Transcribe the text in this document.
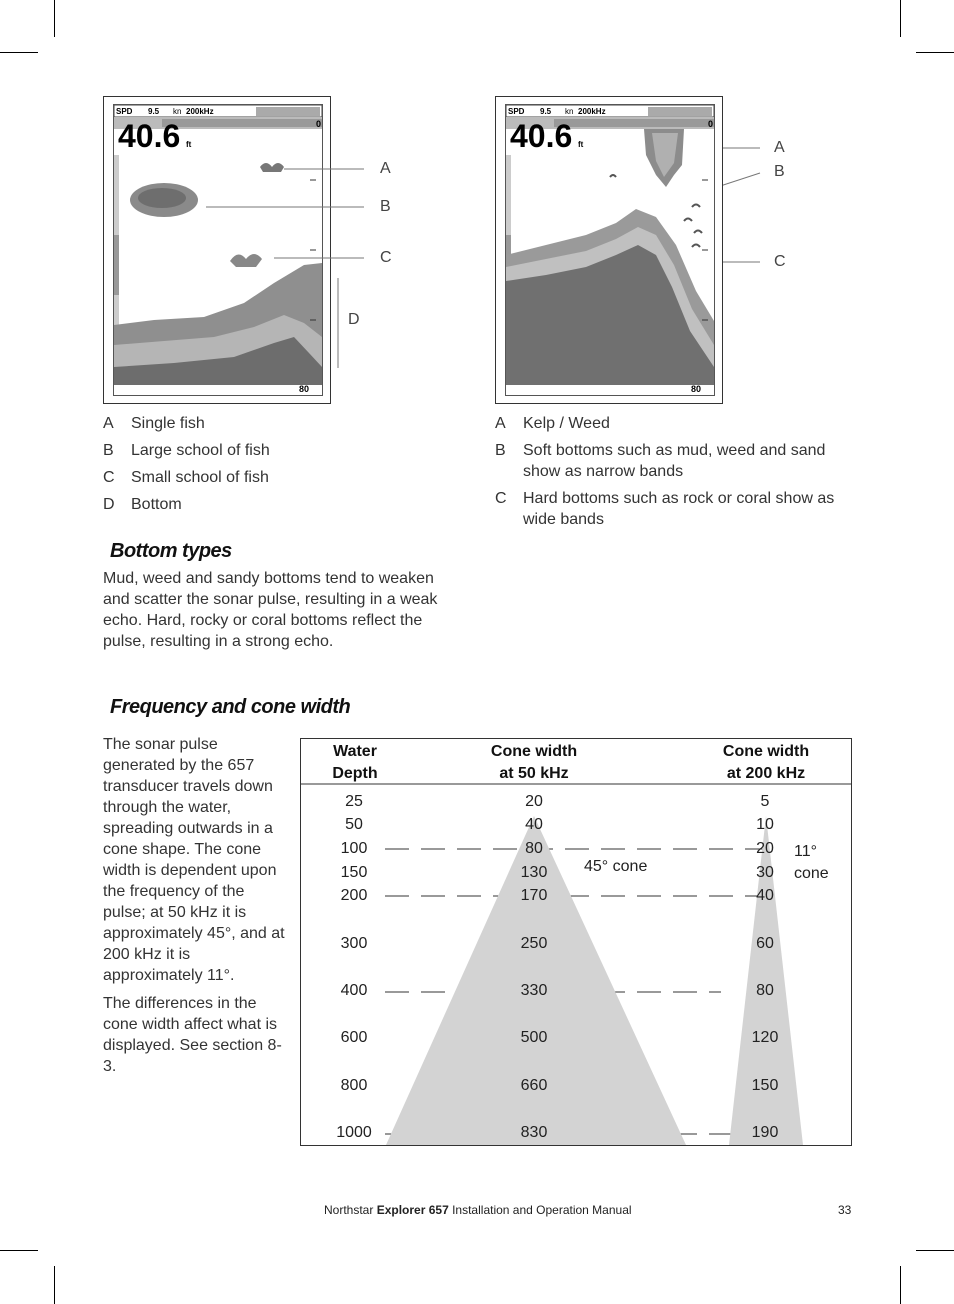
SPD 9.5 kn 200kHz
40.6 ft
0
80
A
B
C
D
SPD 9.5 kn 200kHz
40.6 ft
0
80
A
B
C
A	Single fish
B	Large school of fish
C	Small school of fish
D	Bottom
A	Kelp / Weed
B	Soft bottoms such as mud, weed and sand show as narrow bands
C	Hard bottoms such as rock or coral show as wide bands
Bottom types
Mud, weed and sandy bottoms tend to weaken and scatter the sonar pulse, resulting in a weak echo. Hard, rocky or coral bottoms reflect the pulse, resulting in a strong echo.
Frequency and cone width
The sonar pulse generated by the 657 transducer travels down through the water, spreading outwards in a cone shape. The cone width is dependent upon the frequency of the pulse; at 50 kHz it is approximately 45°, and at 200 kHz it is approximately 11°.
The differences in the cone width affect what is displayed. See section 8-3.
Water
Depth
Cone width
at 50 kHz
Cone width
at 200 kHz
25	20	5
50	40	10
100	80	20
150	130	30
200	170	40
300	250	60
400	330	80
600	500	120
800	660	150
1000	830	190
45° cone
11°
cone
Northstar Explorer 657 Installation and Operation Manual	33
